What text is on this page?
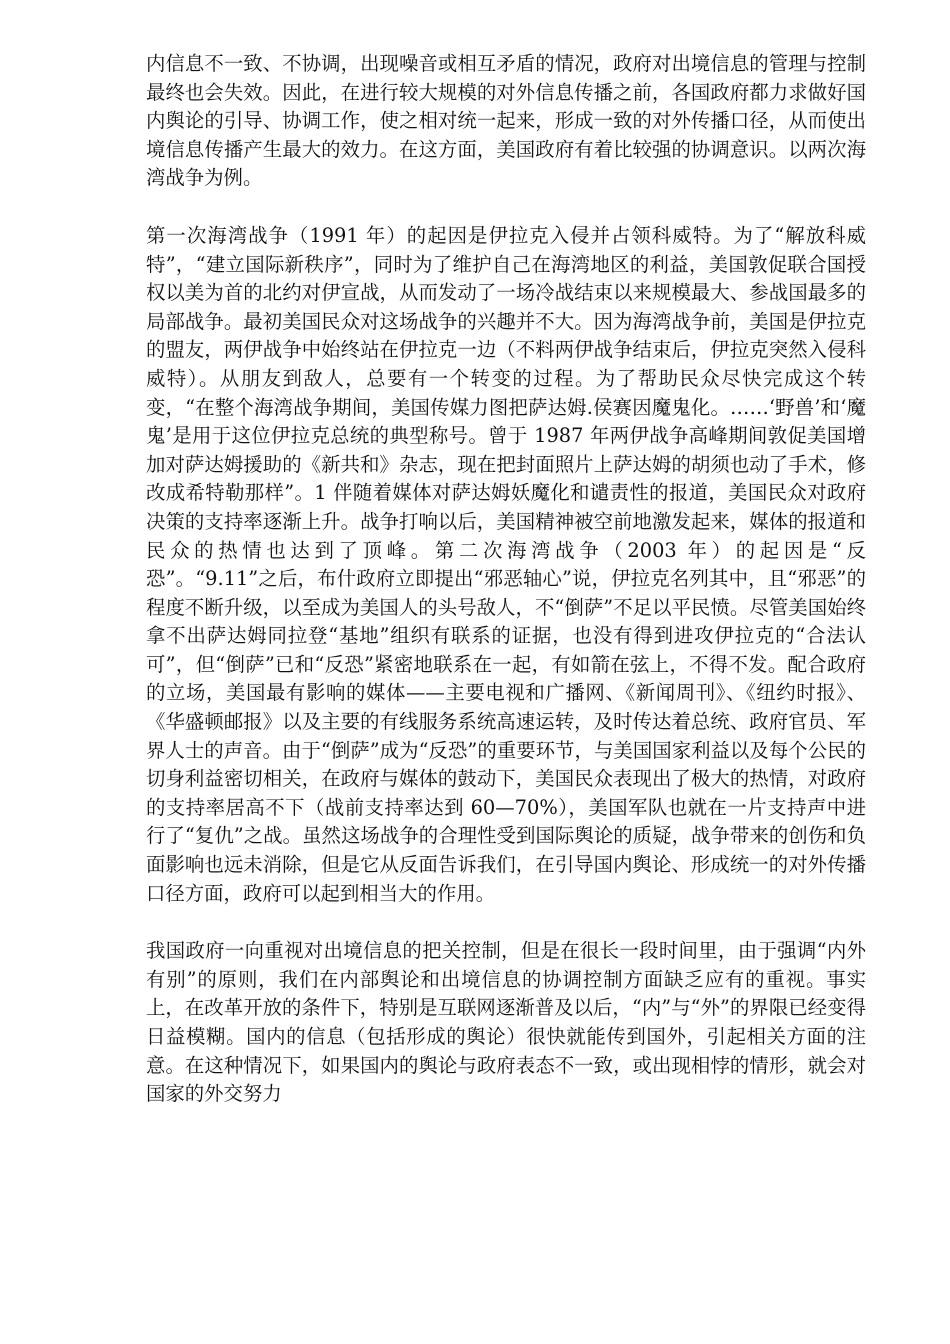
内信息不一致、不协调，出现噪音或相互矛盾的情况，政府对出境信息的管理与控制最终也会失效。因此，在进行较大规模的对外信息传播之前，各国政府都力求做好国内舆论的引导、协调工作，使之相对统一起来，形成一致的对外传播口径，从而使出境信息传播产生最大的效力。在这方面，美国政府有着比较强的协调意识。以两次海湾战争为例。

第一次海湾战争（1991 年）的起因是伊拉克入侵并占领科威特。为了“解放科威特”，“建立国际新秩序”，同时为了维护自己在海湾地区的利益，美国敦促联合国授权以美为首的北约对伊宣战，从而发动了一场冷战结束以来规模最大、参战国最多的局部战争。最初美国民众对这场战争的兴趣并不大。因为海湾战争前，美国是伊拉克的盟友，两伊战争中始终站在伊拉克一边（不料两伊战争结束后，伊拉克突然入侵科威特）。从朋友到敌人，总要有一个转变的过程。为了帮助民众尽快完成这个转变，“在整个海湾战争期间，美国传媒力图把萨达姆.侯赛因魔鬼化。……‘野兽’和‘魔鬼’是用于这位伊拉克总统的典型称号。曾于 1987 年两伊战争高峰期间敦促美国增加对萨达姆援助的《新共和》杂志，现在把封面照片上萨达姆的胡须也动了手术，修改成希特勒那样”。1 伴随着媒体对萨达姆妖魔化和谴责性的报道，美国民众对政府决策的支持率逐渐上升。战争打响以后，美国精神被空前地激发起来，媒体的报道和民众的热情也达到了顶峰。第二次海湾战争（2003 年）的起因是“反恐”。“9.11”之后，布什政府立即提出“邪恶轴心”说，伊拉克名列其中，且“邪恶”的程度不断升级，以至成为美国人的头号敌人，不“倒萨”不足以平民愤。尽管美国始终拿不出萨达姆同拉登“基地”组织有联系的证据，也没有得到进攻伊拉克的“合法认可”，但“倒萨”已和“反恐”紧密地联系在一起，有如箭在弦上，不得不发。配合政府的立场，美国最有影响的媒体——主要电视和广播网、《新闻周刊》、《纽约时报》、《华盛顿邮报》以及主要的有线服务系统高速运转，及时传达着总统、政府官员、军界人士的声音。由于“倒萨”成为“反恐”的重要环节，与美国国家利益以及每个公民的切身利益密切相关，在政府与媒体的鼓动下，美国民众表现出了极大的热情，对政府的支持率居高不下（战前支持率达到 60—70%），美国军队也就在一片支持声中进行了“复仇”之战。虽然这场战争的合理性受到国际舆论的质疑，战争带来的创伤和负面影响也远未消除，但是它从反面告诉我们，在引导国内舆论、形成统一的对外传播口径方面，政府可以起到相当大的作用。

我国政府一向重视对出境信息的把关控制，但是在很长一段时间里，由于强调“内外有别”的原则，我们在内部舆论和出境信息的协调控制方面缺乏应有的重视。事实上，在改革开放的条件下，特别是互联网逐渐普及以后，“内”与“外”的界限已经变得日益模糊。国内的信息（包括形成的舆论）很快就能传到国外，引起相关方面的注意。在这种情况下，如果国内的舆论与政府表态不一致，或出现相悖的情形，就会对国家的外交努力
